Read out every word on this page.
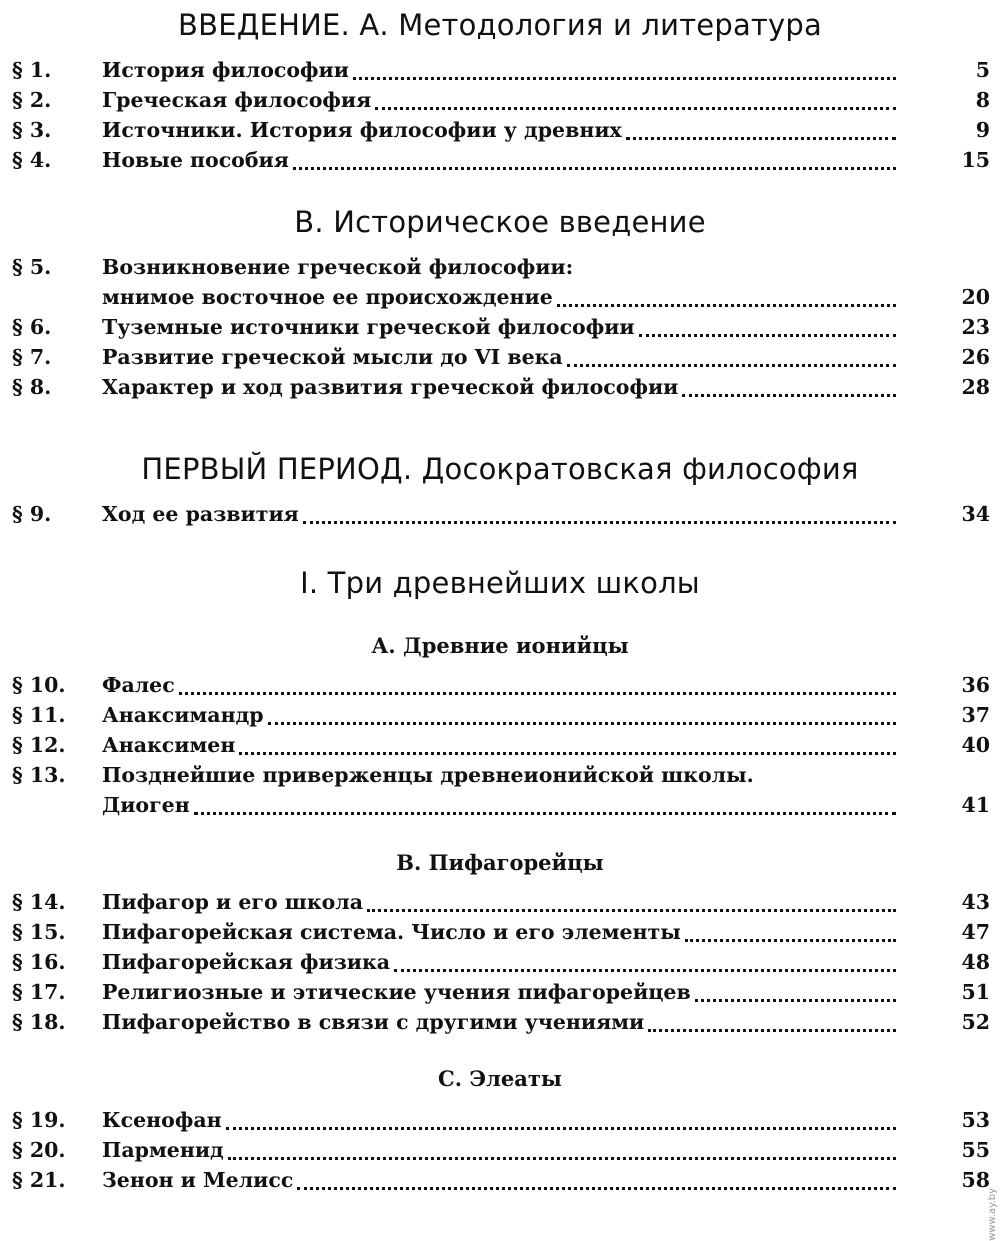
ВВЕДЕНИЕ. А. Методология и литература
§ 1. История философии	5
§ 2. Греческая философия	8
§ 3. Источники. История философии у древних	9
§ 4. Новые пособия	15
В. Историческое введение
§ 5. Возникновение греческой философии:
мнимое восточное ее происхождение	20
§ 6. Туземные источники греческой философии	23
§ 7. Развитие греческой мысли до VI века	26
§ 8. Характер и ход развития греческой философии	28
ПЕРВЫЙ ПЕРИОД. Досократовская философия
§ 9. Ход ее развития	34
I. Три древнейших школы
А. Древние ионийцы
§ 10. Фалес	36
§ 11. Анаксимандр	37
§ 12. Анаксимен	40
§ 13. Позднейшие приверженцы древнеионийской школы.
Диоген	41
В. Пифагорейцы
§ 14. Пифагор и его школа	43
§ 15. Пифагорейская система. Число и его элементы	47
§ 16. Пифагорейская физика	48
§ 17. Религиозные и этические учения пифагорейцев	51
§ 18. Пифагорейство в связи с другими учениями	52
С. Элеаты
§ 19. Ксенофан	53
§ 20. Парменид	55
§ 21. Зенон и Мелисс	58
www.ay.by
